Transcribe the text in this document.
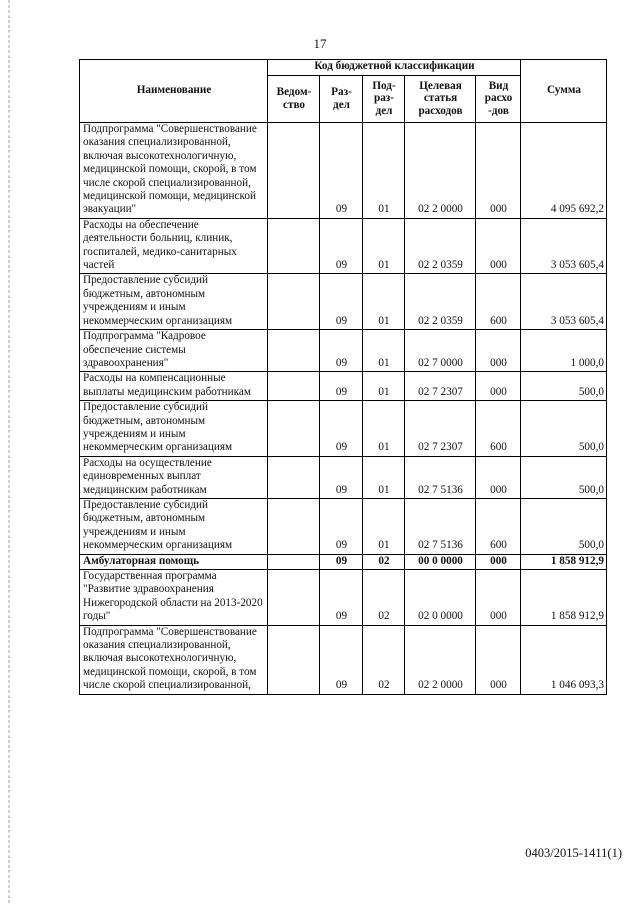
17
Наименование	Код бюджетной классификации					Сумма
	Ведом-ство	Раз-дел	Под-раз-дел	Целевая статья расходов	Вид расхо -дов	
Подпрограмма "Совершенствование оказания специализированной, включая высокотехнологичную, медицинской помощи, скорой, в том числе скорой специализированной, медицинской помощи, медицинской эвакуации"		09	01	02 2 0000	000	4 095 692,2
Расходы на обеспечение деятельности больниц, клиник, госпиталей, медико-санитарных частей		09	01	02 2 0359	000	3 053 605,4
Предоставление субсидий бюджетным, автономным учреждениям и иным некоммерческим организациям		09	01	02 2 0359	600	3 053 605,4
Подпрограмма "Кадровое обеспечение системы здравоохранения"		09	01	02 7 0000	000	1 000,0
Расходы на компенсационные выплаты медицинским работникам		09	01	02 7 2307	000	500,0
Предоставление субсидий бюджетным, автономным учреждениям и иным некоммерческим организациям		09	01	02 7 2307	600	500,0
Расходы на осуществление единовременных выплат медицинским работникам		09	01	02 7 5136	000	500,0
Предоставление субсидий бюджетным, автономным учреждениям и иным некоммерческим организациям		09	01	02 7 5136	600	500,0
Амбулаторная помощь		09	02	00 0 0000	000	1 858 912,9
Государственная программа "Развитие здравоохранения Нижегородской области на 2013-2020 годы"		09	02	02 0 0000	000	1 858 912,9
Подпрограмма "Совершенствование оказания специализированной, включая высокотехнологичную, медицинской помощи, скорой, в том числе скорой специализированной,		09	02	02 2 0000	000	1 046 093,3
0403/2015-1411(1)
